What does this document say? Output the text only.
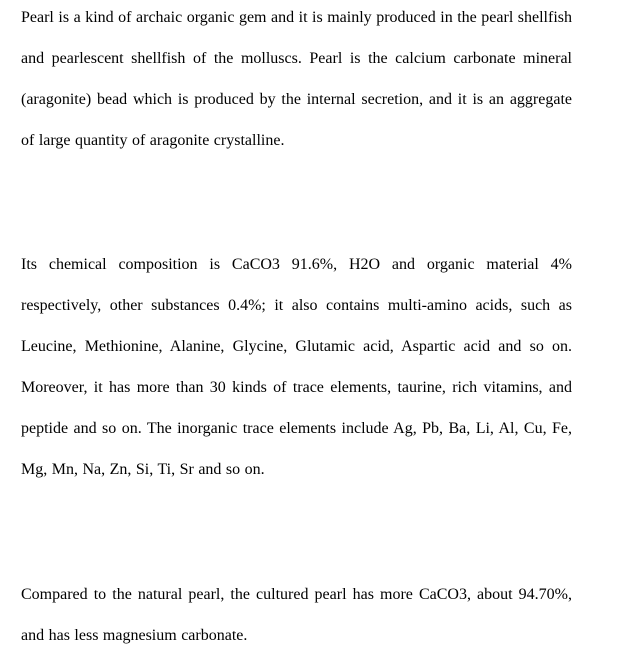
Pearl is a kind of archaic organic gem and it is mainly produced in the pearl shellfish and pearlescent shellfish of the molluscs. Pearl is the calcium carbonate mineral (aragonite) bead which is produced by the internal secretion, and it is an aggregate of large quantity of aragonite crystalline.

Its chemical composition is CaCO3 91.6%, H2O and organic material 4% respectively, other substances 0.4%; it also contains multi-amino acids, such as Leucine, Methionine, Alanine, Glycine, Glutamic acid, Aspartic acid and so on. Moreover, it has more than 30 kinds of trace elements, taurine, rich vitamins, and peptide and so on. The inorganic trace elements include Ag, Pb, Ba, Li, Al, Cu, Fe, Mg, Mn, Na, Zn, Si, Ti, Sr and so on.

Compared to the natural pearl, the cultured pearl has more CaCO3, about 94.70%, and has less magnesium carbonate.
